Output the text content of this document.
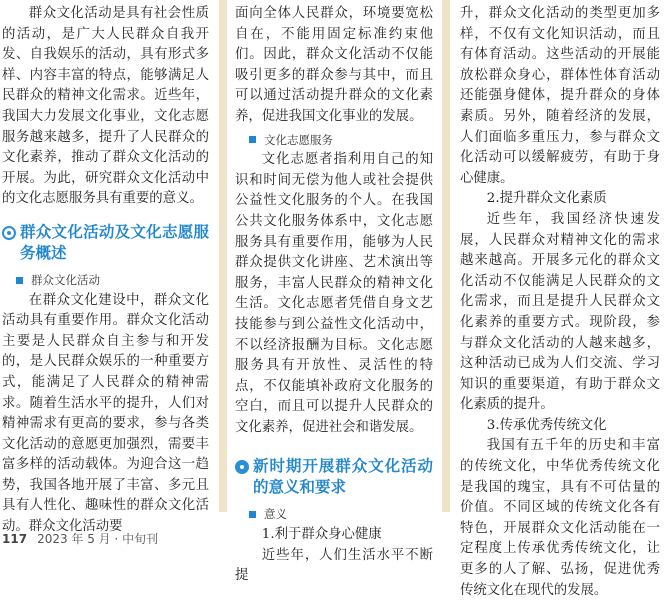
群众文化活动是具有社会性质的活动，是广大人民群众自我开发、自我娱乐的活动，具有形式多样、内容丰富的特点，能够满足人民群众的精神文化需求。近些年，我国大力发展文化事业，文化志愿服务越来越多，提升了人民群众的文化素养，推动了群众文化活动的开展。为此，研究群众文化活动中的文化志愿服务具有重要的意义。

群众文化活动及文化志愿服务概述
群众文化活动

在群众文化建设中，群众文化活动具有重要作用。群众文化活动主要是人民群众自主参与和开发的，是人民群众娱乐的一种重要方式，能满足了人民群众的精神需求。随着生活水平的提升，人们对精神需求有更高的要求，参与各类文化活动的意愿更加强烈，需要丰富多样的活动载体。为迎合这一趋势，我国各地开展了丰富、多元且具有人性化、趣味性的群众文化活动。群众文化活动要

面向全体人民群众，环境要宽松自在，不能用固定标准约束他们。因此，群众文化活动不仅能吸引更多的群众参与其中，而且可以通过活动提升群众的文化素养，促进我国文化事业的发展。

文化志愿服务

文化志愿者指利用自己的知识和时间无偿为他人或社会提供公益性文化服务的个人。在我国公共文化服务体系中，文化志愿服务具有重要作用，能够为人民群众提供文化讲座、艺术演出等服务，丰富人民群众的精神文化生活。文化志愿者凭借自身文艺技能参与到公益性文化活动中，不以经济报酬为目标。文化志愿服务具有开放性、灵活性的特点，不仅能填补政府文化服务的空白，而且可以提升人民群众的文化素养，促进社会和谐发展。

新时期开展群众文化活动的意义和要求
意义

1.利于群众身心健康

近些年，人们生活水平不断提

升，群众文化活动的类型更加多样，不仅有文化知识活动，而且有体育活动。这些活动的开展能放松群众身心，群体性体育活动还能强身健体，提升群众的身体素质。另外，随着经济的发展，人们面临多重压力，参与群众文化活动可以缓解疲劳，有助于身心健康。

2.提升群众文化素质

近些年，我国经济快速发展，人民群众对精神文化的需求越来越高。开展多元化的群众文化活动不仅能满足人民群众的文化需求，而且是提升人民群众文化素养的重要方式。现阶段，参与群众文化活动的人越来越多，这种活动已成为人们交流、学习知识的重要渠道，有助于群众文化素质的提升。

3.传承优秀传统文化

我国有五千年的历史和丰富的传统文化，中华优秀传统文化是我国的瑰宝，具有不可估量的价值。不同区域的传统文化各有特色，开展群众文化活动能在一定程度上传承优秀传统文化，让更多的人了解、弘扬，促进优秀传统文化在现代的发展。

117 2023 年 5 月 · 中旬刊
